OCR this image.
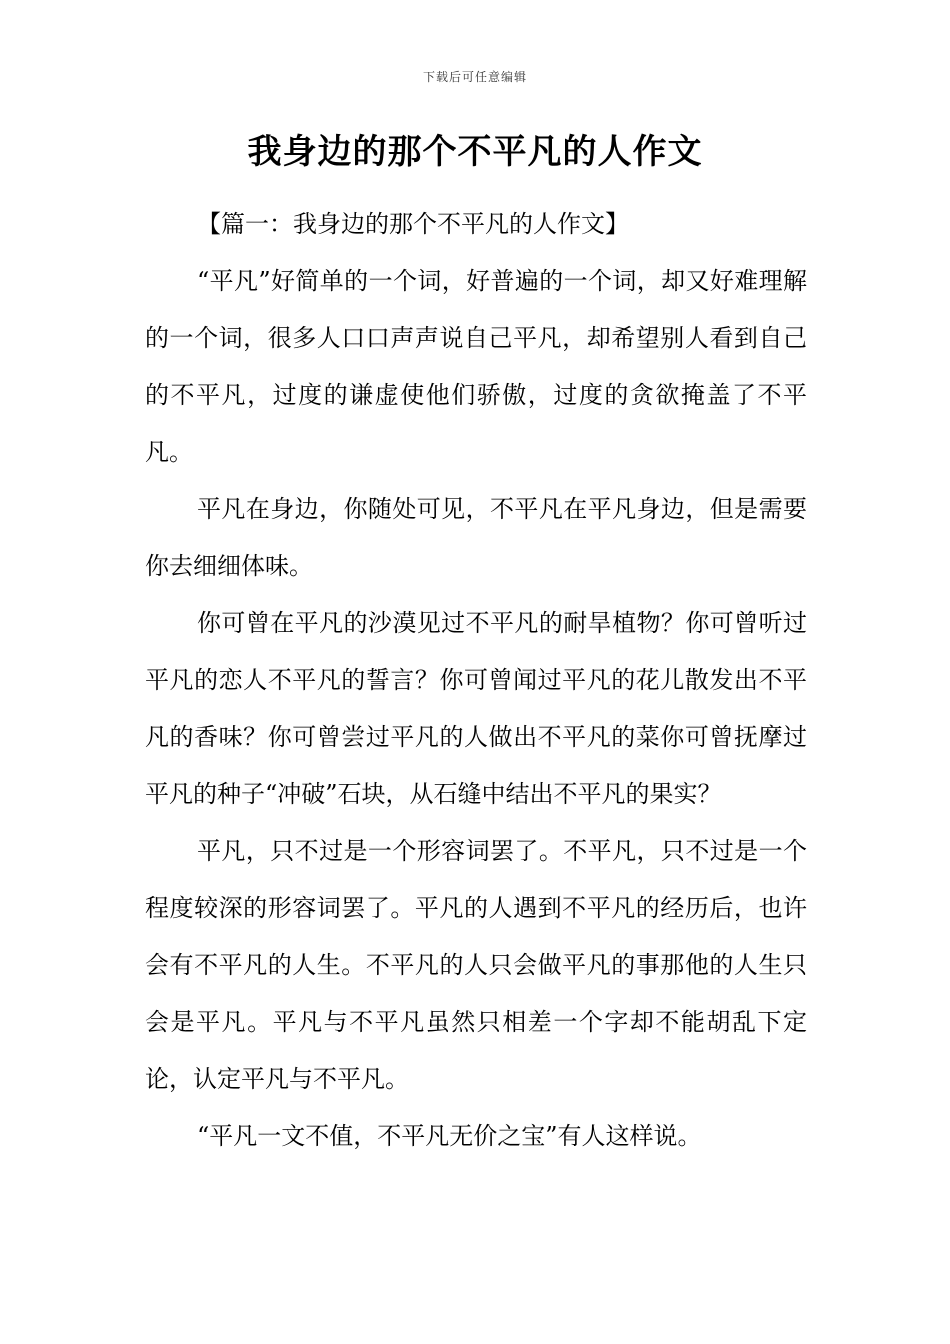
下载后可任意编辑
我身边的那个不平凡的人作文

【篇一：我身边的那个不平凡的人作文】

“平凡”好简单的一个词，好普遍的一个词，却又好难理解的一个词，很多人口口声声说自己平凡，却希望别人看到自己的不平凡，过度的谦虚使他们骄傲，过度的贪欲掩盖了不平凡。

平凡在身边，你随处可见，不平凡在平凡身边，但是需要你去细细体味。

你可曾在平凡的沙漠见过不平凡的耐旱植物？你可曾听过平凡的恋人不平凡的誓言？你可曾闻过平凡的花儿散发出不平凡的香味？你可曾尝过平凡的人做出不平凡的菜你可曾抚摩过平凡的种子“冲破”石块，从石缝中结出不平凡的果实？

平凡，只不过是一个形容词罢了。不平凡，只不过是一个程度较深的形容词罢了。平凡的人遇到不平凡的经历后，也许会有不平凡的人生。不平凡的人只会做平凡的事那他的人生只会是平凡。平凡与不平凡虽然只相差一个字却不能胡乱下定论，认定平凡与不平凡。

“平凡一文不值，不平凡无价之宝”有人这样说。
